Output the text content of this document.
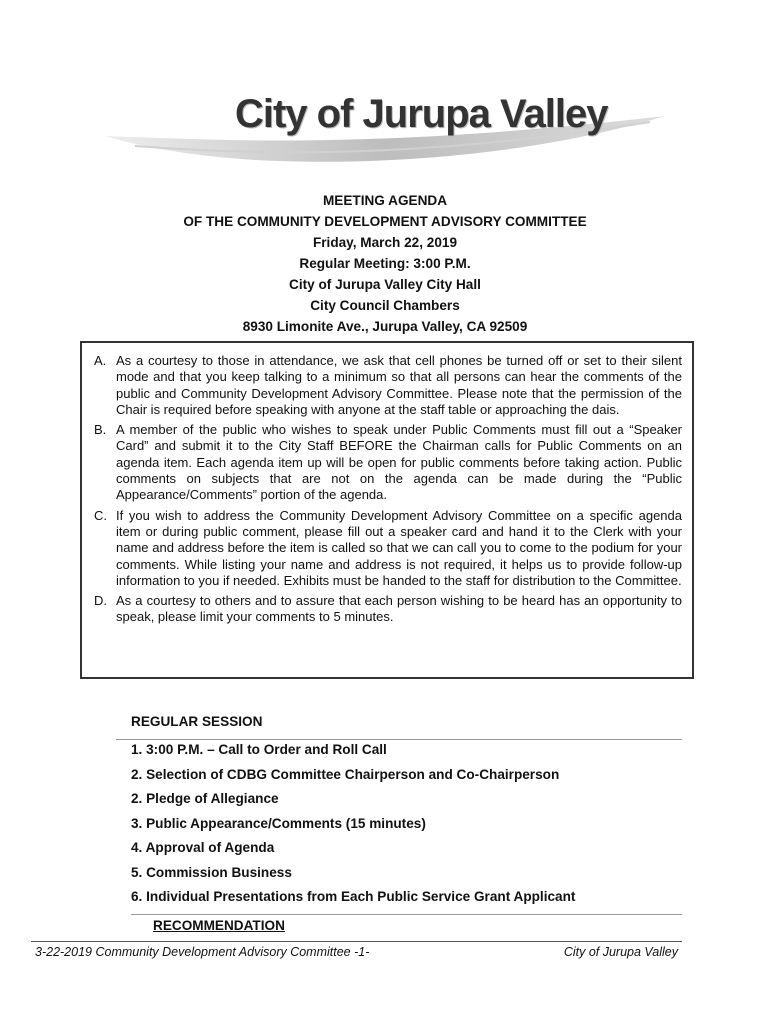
City of Jurupa Valley
MEETING AGENDA
OF THE COMMUNITY DEVELOPMENT ADVISORY COMMITTEE
Friday, March 22, 2019
Regular Meeting: 3:00 P.M.
City of Jurupa Valley City Hall
City Council Chambers
8930 Limonite Ave., Jurupa Valley, CA 92509
A. As a courtesy to those in attendance, we ask that cell phones be turned off or set to their silent mode and that you keep talking to a minimum so that all persons can hear the comments of the public and Community Development Advisory Committee. Please note that the permission of the Chair is required before speaking with anyone at the staff table or approaching the dais.
B. A member of the public who wishes to speak under Public Comments must fill out a “Speaker Card” and submit it to the City Staff BEFORE the Chairman calls for Public Comments on an agenda item. Each agenda item up will be open for public comments before taking action. Public comments on subjects that are not on the agenda can be made during the “Public Appearance/Comments” portion of the agenda.
C. If you wish to address the Community Development Advisory Committee on a specific agenda item or during public comment, please fill out a speaker card and hand it to the Clerk with your name and address before the item is called so that we can call you to come to the podium for your comments. While listing your name and address is not required, it helps us to provide follow-up information to you if needed. Exhibits must be handed to the staff for distribution to the Committee.
D. As a courtesy to others and to assure that each person wishing to be heard has an opportunity to speak, please limit your comments to 5 minutes.
REGULAR SESSION
1. 3:00 P.M. – Call to Order and Roll Call
2. Selection of CDBG Committee Chairperson and Co-Chairperson
2. Pledge of Allegiance
3. Public Appearance/Comments (15 minutes)
4. Approval of Agenda
5. Commission Business
6. Individual Presentations from Each Public Service Grant Applicant
RECOMMENDATION
3-22-2019 Community Development Advisory Committee -1-	City of Jurupa Valley
